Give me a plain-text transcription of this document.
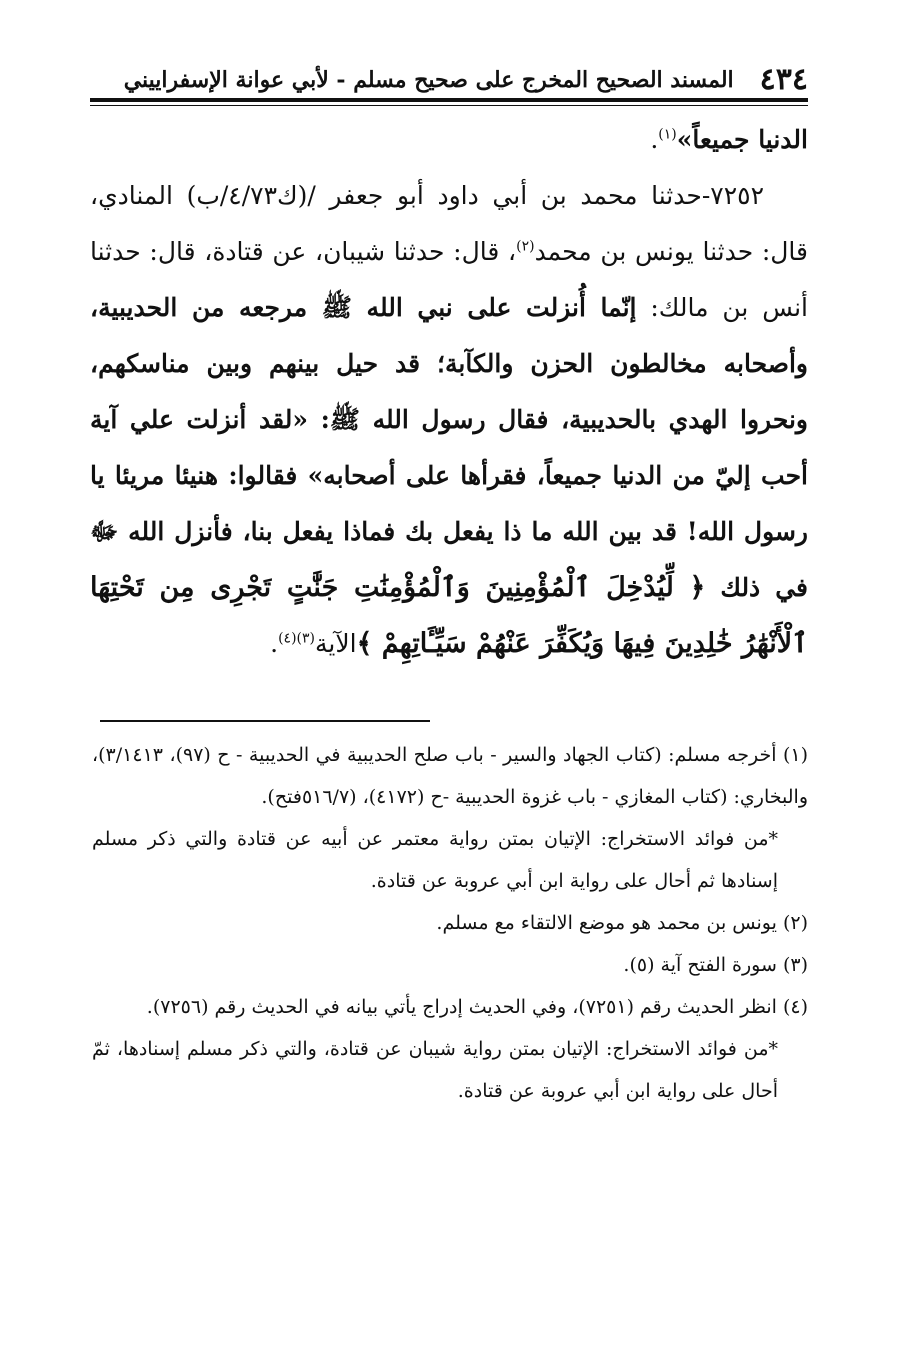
٤٣٤
المسند الصحيح المخرج على صحيح مسلم - لأبي عوانة الإسفراييني

الدنيا جميعاً»$^{(١)}$.

٧٢٥٢-حدثنا محمد بن أبي داود أبو جعفر /(ك٤/٧٣/ب) المنادي، قال: حدثنا يونس بن محمد$^{(٢)}$، قال: حدثنا شيبان، عن قتادة، قال: حدثنا أنس بن مالك: إنّما أُنزلت على نبي الله ﷺ مرجعه من الحديبية، وأصحابه مخالطون الحزن والكآبة؛ قد حيل بينهم وبين مناسكهم، ونحروا الهدي بالحديبية، فقال رسول الله ﷺ: «لقد أنزلت علي آية أحب إليّ من الدنيا جميعاً، فقرأها على أصحابه» فقالوا: هنيئا مريئا يا رسول الله! قد بين الله ما ذا يفعل بك فماذا يفعل بنا، فأنزل الله ﷻ في ذلك ﴿ لِّيُدْخِلَ ٱلْمُؤْمِنِينَ وَٱلْمُؤْمِنَٰتِ جَنَّٰتٍ تَجْرِى مِن تَحْتِهَا ٱلْأَنْهَٰرُ خَٰلِدِينَ فِيهَا وَيُكَفِّرَ عَنْهُمْ سَيِّـَٔاتِهِمْ ﴾الآية$^{(٣)(٤)}$.

(١) أخرجه مسلم: (كتاب الجهاد والسير - باب صلح الحديبية في الحديبية - ح (٩٧)، ٣/١٤١٣)، والبخاري: (كتاب المغازي - باب غزوة الحديبية -ح (٤١٧٢)، (٥١٦/٧فتح).

*من فوائد الاستخراج: الإتيان بمتن رواية معتمر عن أبيه عن قتادة والتي ذكر مسلم إسنادها ثم أحال على رواية ابن أبي عروبة عن قتادة.

(٢) يونس بن محمد هو موضع الالتقاء مع مسلم.

(٣) سورة الفتح آية (٥).

(٤) انظر الحديث رقم (٧٢٥١)، وفي الحديث إدراج يأتي بيانه في الحديث رقم (٧٢٥٦).

*من فوائد الاستخراج: الإتيان بمتن رواية شيبان عن قتادة، والتي ذكر مسلم إسنادها، ثمّ أحال على رواية ابن أبي عروبة عن قتادة.
